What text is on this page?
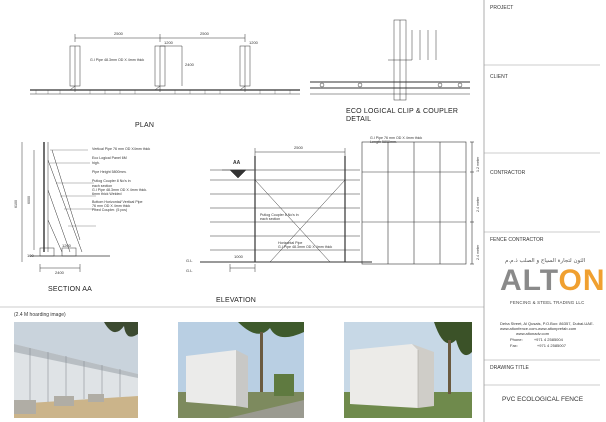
PLAN
ECO LOGICAL CLIP & COUPLER
DETAIL
SECTION AA
ELEVATION
2500	2500
1200	1200
2400
G.I Pipe 48.3mm OD X 4mm thick
6100	6000
100
2400
1200
Vertical Pipe 76 mm OD X4mm thick
Eco Logical Panel 6M
high.
Pipe Height 5800mm.
Putlog Coupler 8 No's in
each section
G.I Pipe 48.3mm OD X 4mm thick.
6mm thick Welded
Bottom Horizontal/ Vertical Pipe
76 mm OD X 4mm thick
Fixed Coupler. (5 pcs)
AA
2500
1000
G.L
G.L
G.I Pipe 76 mm OD X 4mm thick
Length 5800mm.
Putlog Coupler 8 No's in
each section
Horizontal Pipe
G.I Pipe 48.3mm OD X 4mm thick
1.2 meter
2.4 meter
2.4 meter
(2.4 M hoarding image)
PROJECT
CLIENT
CONTRACTOR
FENCE CONTRACTOR
الثون لتجارة السياج و الصلب ذ.م.م
ALTON
FENCING & STEEL TRADING LLC
Deha Street, Al Qusais, P.O.Box: 86357, Dubai-UAE.
www.altonfence.com-www.altonprefab.com
www.altonadv.com
Phone:	+971 4 2585004
Fax:	+971 4 2585007
DRAWING TITLE
PVC ECOLOGICAL FENCE
